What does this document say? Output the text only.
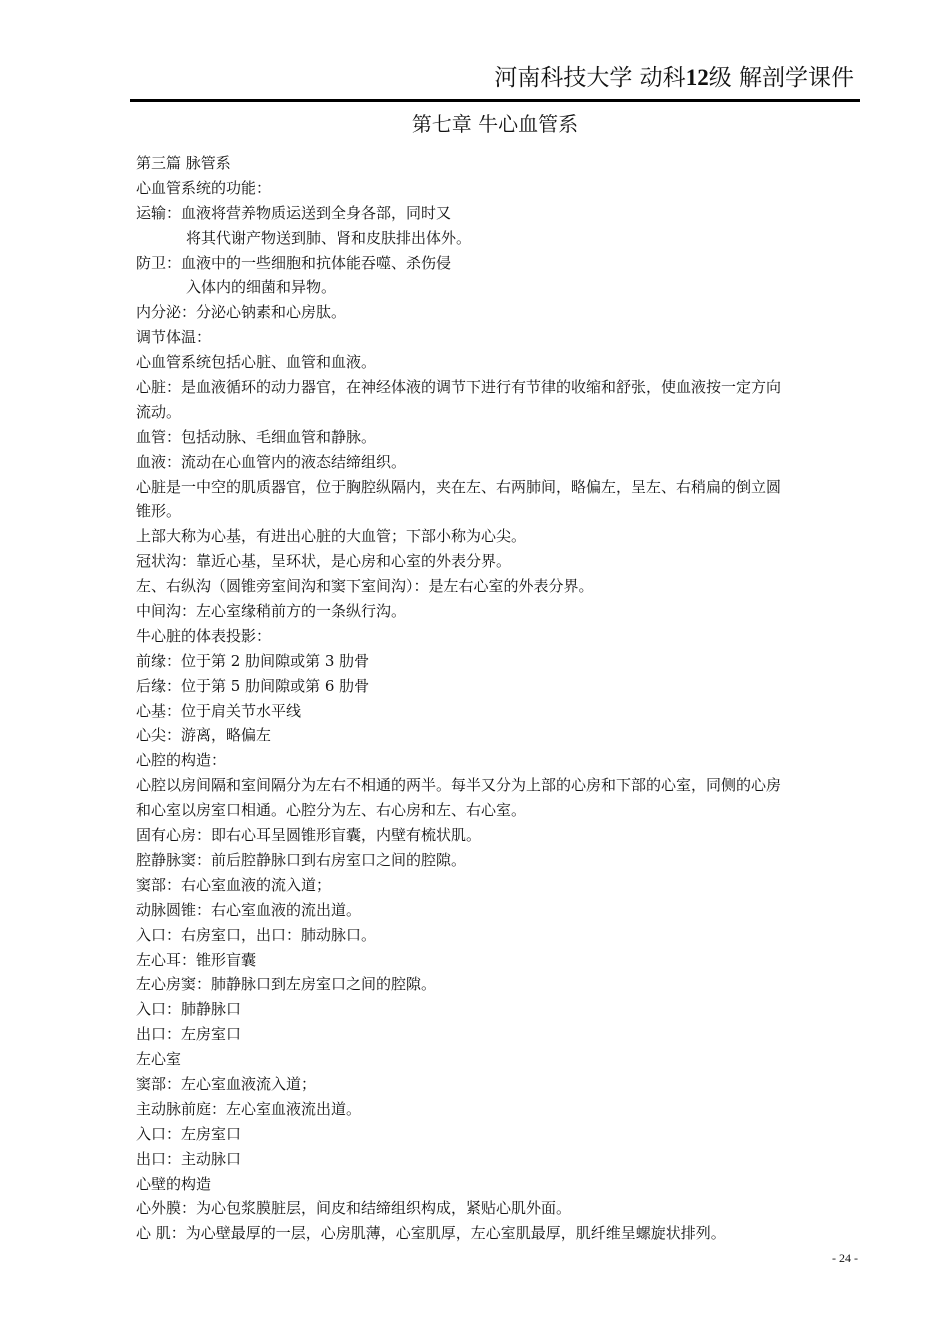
河南科技大学 动科12级 解剖学课件
第七章 牛心血管系
第三篇 脉管系
心血管系统的功能：
运输：血液将营养物质运送到全身各部，同时又
将其代谢产物送到肺、肾和皮肤排出体外。
防卫：血液中的一些细胞和抗体能吞噬、杀伤侵
入体内的细菌和异物。
内分泌：分泌心钠素和心房肽。
调节体温：
心血管系统包括心脏、血管和血液。
心脏：是血液循环的动力器官，在神经体液的调节下进行有节律的收缩和舒张，使血液按一定方向
流动。
血管：包括动脉、毛细血管和静脉。
血液：流动在心血管内的液态结缔组织。
心脏是一中空的肌质器官，位于胸腔纵隔内，夹在左、右两肺间，略偏左，呈左、右稍扁的倒立圆
锥形。
上部大称为心基，有进出心脏的大血管；下部小称为心尖。
冠状沟：靠近心基，呈环状，是心房和心室的外表分界。
左、右纵沟（圆锥旁室间沟和窦下室间沟）：是左右心室的外表分界。
中间沟：左心室缘稍前方的一条纵行沟。
牛心脏的体表投影：
前缘：位于第 2 肋间隙或第 3 肋骨
后缘：位于第 5 肋间隙或第 6 肋骨
心基：位于肩关节水平线
心尖：游离，略偏左
心腔的构造：
心腔以房间隔和室间隔分为左右不相通的两半。每半又分为上部的心房和下部的心室，同侧的心房
和心室以房室口相通。心腔分为左、右心房和左、右心室。
固有心房：即右心耳呈圆锥形盲囊，内壁有梳状肌。
腔静脉窦：前后腔静脉口到右房室口之间的腔隙。
窦部：右心室血液的流入道；
动脉圆锥：右心室血液的流出道。
入口：右房室口，出口：肺动脉口。
左心耳：锥形盲囊
左心房窦：肺静脉口到左房室口之间的腔隙。
入口：肺静脉口
出口：左房室口
左心室
窦部：左心室血液流入道；
主动脉前庭：左心室血液流出道。
入口：左房室口
出口：主动脉口
心壁的构造
心外膜：为心包浆膜脏层，间皮和结缔组织构成，紧贴心肌外面。
心 肌：为心壁最厚的一层，心房肌薄，心室肌厚，左心室肌最厚，肌纤维呈螺旋状排列。
- 24 -
